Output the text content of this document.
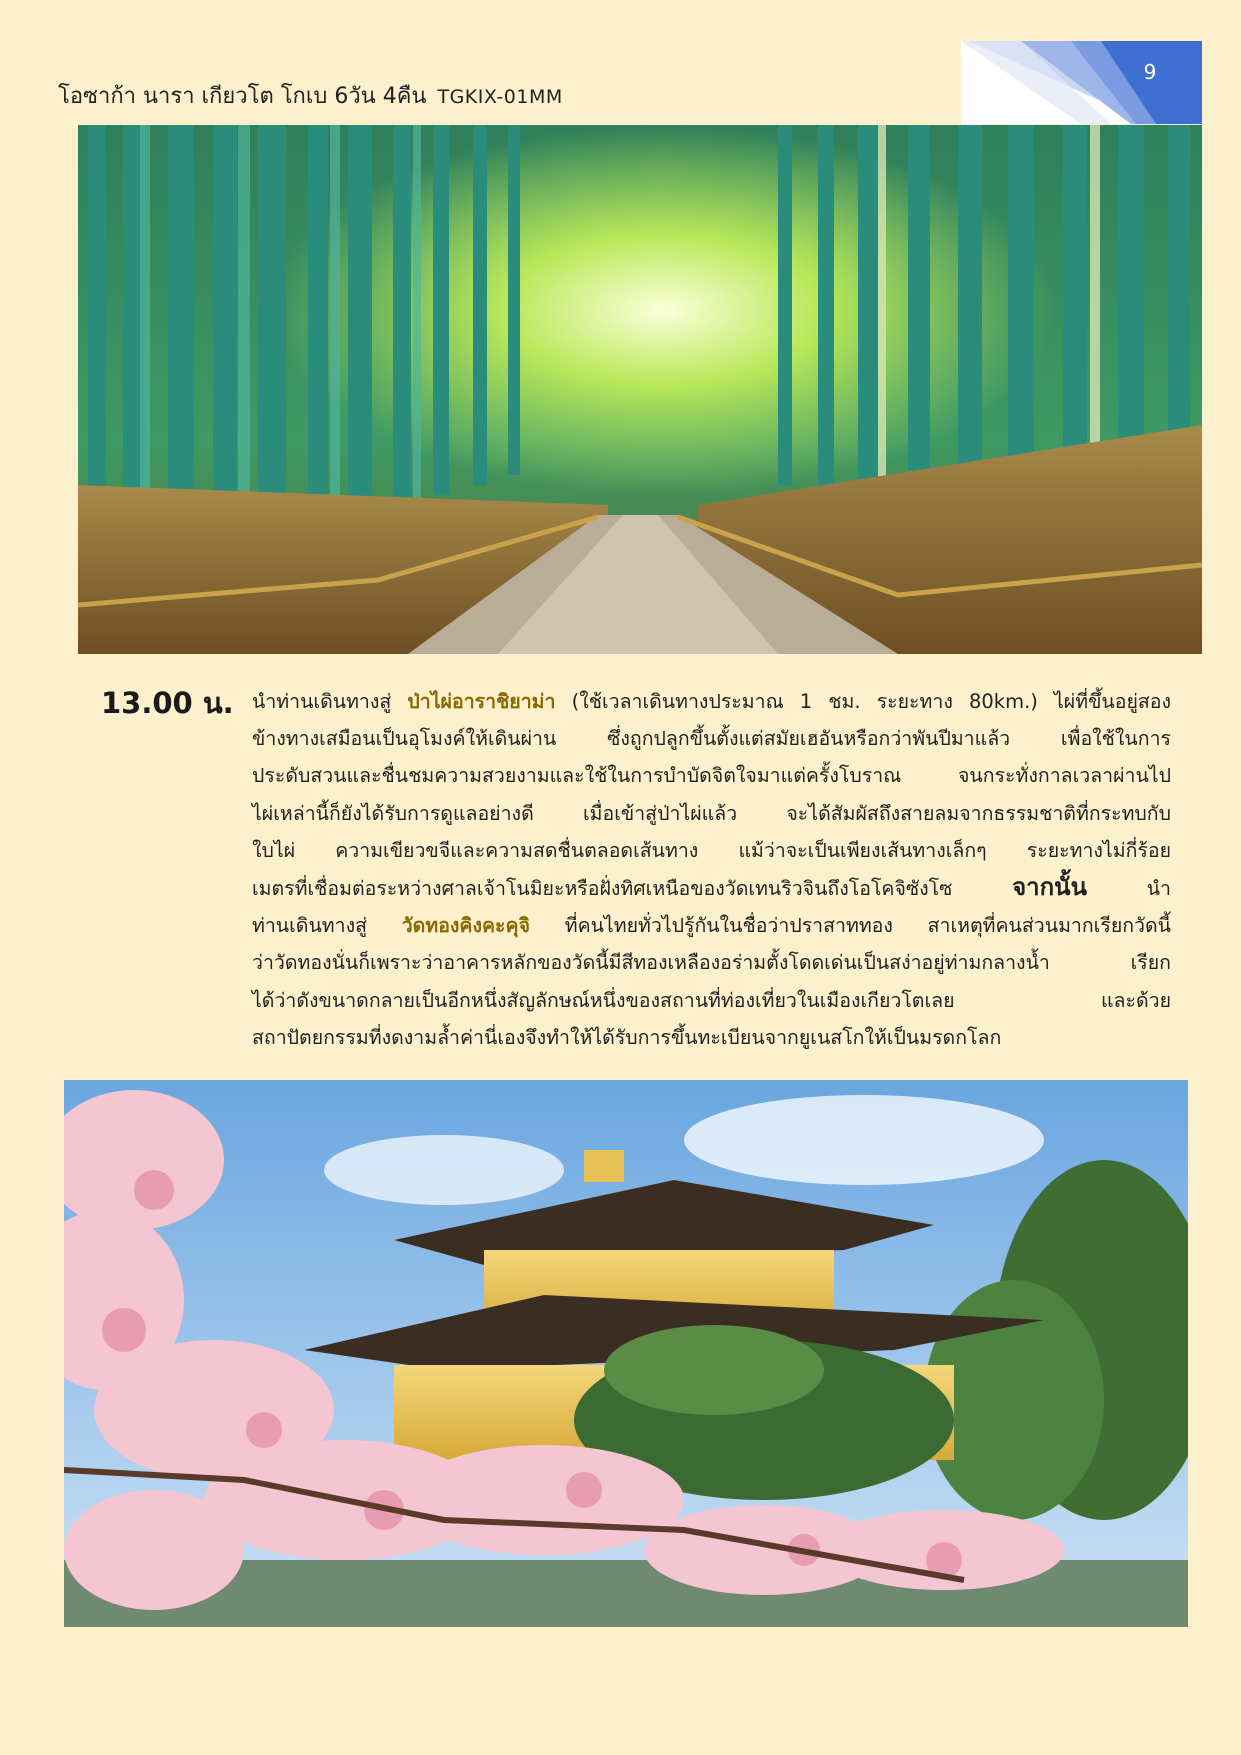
โอซาก้า นารา เกียวโต โกเบ 6วัน 4คืน TGKIX-01MM
9
13.00 น. นำท่านเดินทางสู่ ป่าไผ่อาราชิยาม่า (ใช้เวลาเดินทางประมาณ 1 ชม. ระยะทาง 80km.) ไผ่ที่ขึ้นอยู่สอง
ข้างทางเสมือนเป็นอุโมงค์ให้เดินผ่าน ซึ่งถูกปลูกขึ้นตั้งแต่สมัยเฮอันหรือกว่าพันปีมาแล้ว เพื่อใช้ในการ
ประดับสวนและชื่นชมความสวยงามและใช้ในการบำบัดจิตใจมาแต่ครั้งโบราณ จนกระทั่งกาลเวลาผ่านไป
ไผ่เหล่านี้ก็ยังได้รับการดูแลอย่างดี เมื่อเข้าสู่ป่าไผ่แล้ว จะได้สัมผัสถึงสายลมจากธรรมชาติที่กระทบกับ
ใบไผ่ ความเขียวขจีและความสดชื่นตลอดเส้นทาง แม้ว่าจะเป็นเพียงเส้นทางเล็กๆ ระยะทางไม่กี่ร้อย
เมตรที่เชื่อมต่อระหว่างศาลเจ้าโนมิยะหรือฝั่งทิศเหนือของวัดเทนริวจินถึงโอโคจิซังโซ จากนั้น นำ
ท่านเดินทางสู่ วัดทองคิงคะคุจิ ที่คนไทยทั่วไปรู้กันในชื่อว่าปราสาททอง สาเหตุที่คนส่วนมากเรียกวัดนี้
ว่าวัดทองนั่นก็เพราะว่าอาคารหลักของวัดนี้มีสีทองเหลืองอร่ามตั้งโดดเด่นเป็นสง่าอยู่ท่ามกลางน้ำ เรียก
ได้ว่าดังขนาดกลายเป็นอีกหนึ่งสัญลักษณ์หนึ่งของสถานที่ท่องเที่ยวในเมืองเกียวโตเลย และด้วย
สถาปัตยกรรมที่งดงามล้ำค่านี่เองจึงทำให้ได้รับการขึ้นทะเบียนจากยูเนสโกให้เป็นมรดกโลก
